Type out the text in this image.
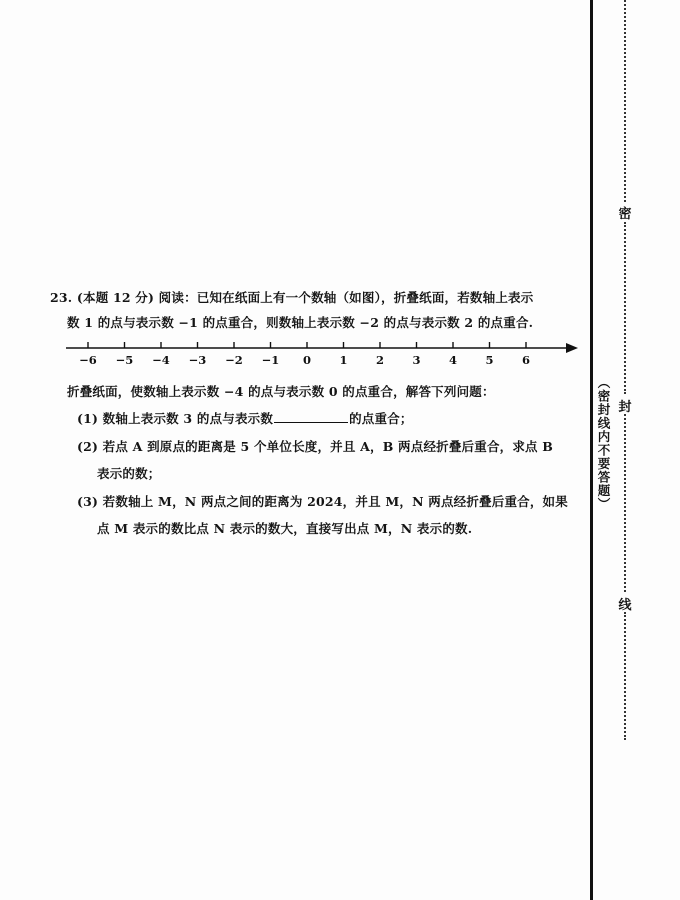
23. (本题 12 分) 阅读：已知在纸面上有一个数轴（如图），折叠纸面，若数轴上表示
数 1 的点与表示数 −1 的点重合，则数轴上表示数 −2 的点与表示数 2 的点重合.
−6 −5 −4 −3 −2 −1 0 1 2 3 4 5 6
折叠纸面，使数轴上表示数 −4 的点与表示数 0 的点重合，解答下列问题：
(1) 数轴上表示数 3 的点与表示数	的点重合；
(2) 若点 A 到原点的距离是 5 个单位长度，并且 A，B 两点经折叠后重合，求点 B
表示的数；
(3) 若数轴上 M，N 两点之间的距离为 2024，并且 M，N 两点经折叠后重合，如果
点 M 表示的数比点 N 表示的数大，直接写出点 M，N 表示的数.
（密封线内不要答题）
密
封
线
